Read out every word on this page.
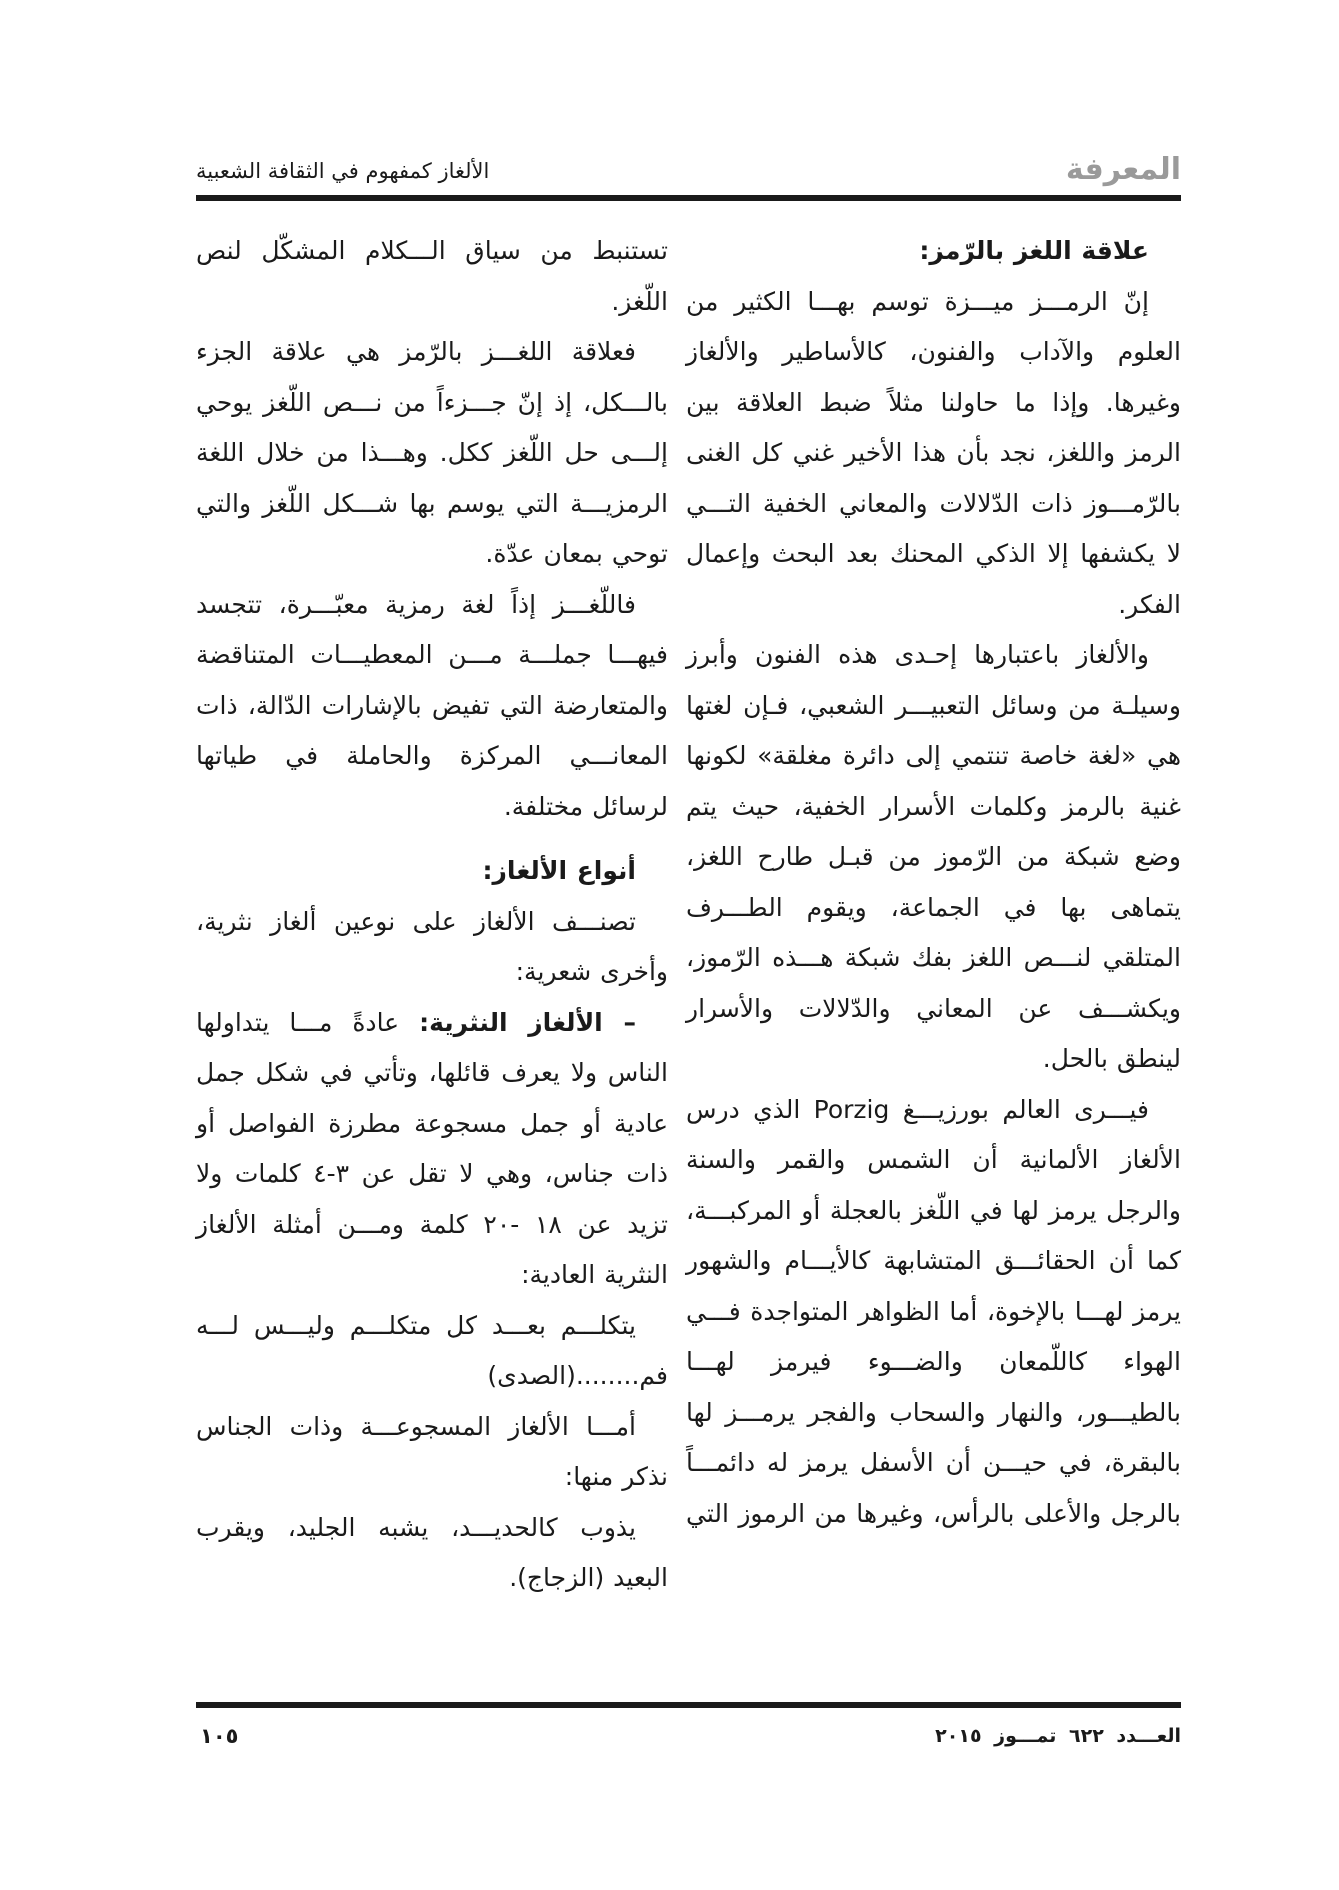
المعرفة
الألغاز كمفهوم في الثقافة الشعبية
علاقة اللغز بالرّمز:

إنّ الرمـــز ميـــزة توسم بهـــا الكثير من العلوم والآداب والفنون، كالأساطير والألغاز وغيرها. وإذا ما حاولنا مثلاً ضبط العلاقة بين الرمز واللغز، نجد بأن هذا الأخير غني كل الغنى بالرّمـــوز ذات الدّلالات والمعاني الخفية التـــي لا يكشفها إلا الذكي المحنك بعد البحث وإعمال الفكر.

والألغاز باعتبارها إحـدى هذه الفنون وأبرز وسيلـة من وسائل التعبيـــر الشعبي، فـإن لغتها هي «لغة خاصة تنتمي إلى دائرة مغلقة» لكونها غنية بالرمز وكلمات الأسرار الخفية، حيث يتم وضع شبكة من الرّموز من قبـل طارح اللغز، يتماهى بها في الجماعة، ويقوم الطـــرف المتلقي لنـــص اللغز بفك شبكة هـــذه الرّموز، ويكشـــف عن المعاني والدّلالات والأسرار لينطق بالحل.

فيـــرى العالم بورزيـــغ Porzig الذي درس الألغاز الألمانية أن الشمس والقمر والسنة والرجل يرمز لها في اللّغز بالعجلة أو المركبـــة، كما أن الحقائـــق المتشابهة كالأيـــام والشهور يرمز لهـــا بالإخوة، أما الظواهر المتواجدة فـــي الهواء كاللّمعان والضـــوء فيرمز لهـــا بالطيـــور، والنهار والسحاب والفجر يرمـــز لها بالبقرة، في حيـــن أن الأسفل يرمز له دائمـــاً بالرجل والأعلى بالرأس، وغيرها من الرموز التي

تستنبط من سياق الـــكلام المشكّل لنص اللّغز.

فعلاقة اللغـــز بالرّمز هي علاقة الجزء بالـــكل، إذ إنّ جـــزءاً من نـــص اللّغز يوحي إلـــى حل اللّغز ككل. وهـــذا من خلال اللغة الرمزيـــة التي يوسم بها شـــكل اللّغز والتي توحي بمعان عدّة.

فاللّغـــز إذاً لغة رمزية معبّـــرة، تتجسد فيهـــا جملـــة مـــن المعطيـــات المتناقضة والمتعارضة التي تفيض بالإشارات الدّالة، ذات المعانـــي المركزة والحاملة في طياتها لرسائل مختلفة.

أنواع الألغاز:

تصنـــف الألغاز على نوعين ألغاز نثرية، وأخرى شعرية:

– الألغاز النثرية: عادةً مـــا يتداولها الناس ولا يعرف قائلها، وتأتي في شكل جمل عادية أو جمل مسجوعة مطرزة الفواصل أو ذات جناس، وهي لا تقل عن ٣-٤ كلمات ولا تزيد عن ١٨ -٢٠ كلمة ومـــن أمثلة الألغاز النثرية العادية:

يتكلـــم بعـــد كل متكلـــم وليـــس لـــه فم........(الصدى)

أمـــا الألغاز المسجوعـــة وذات الجناس نذكر منها:

يذوب كالحديـــد، يشبه الجليد، ويقرب البعيد (الزجاج).

العـــدد ٦٢٢ تمـــوز ٢٠١٥
١٠٥
